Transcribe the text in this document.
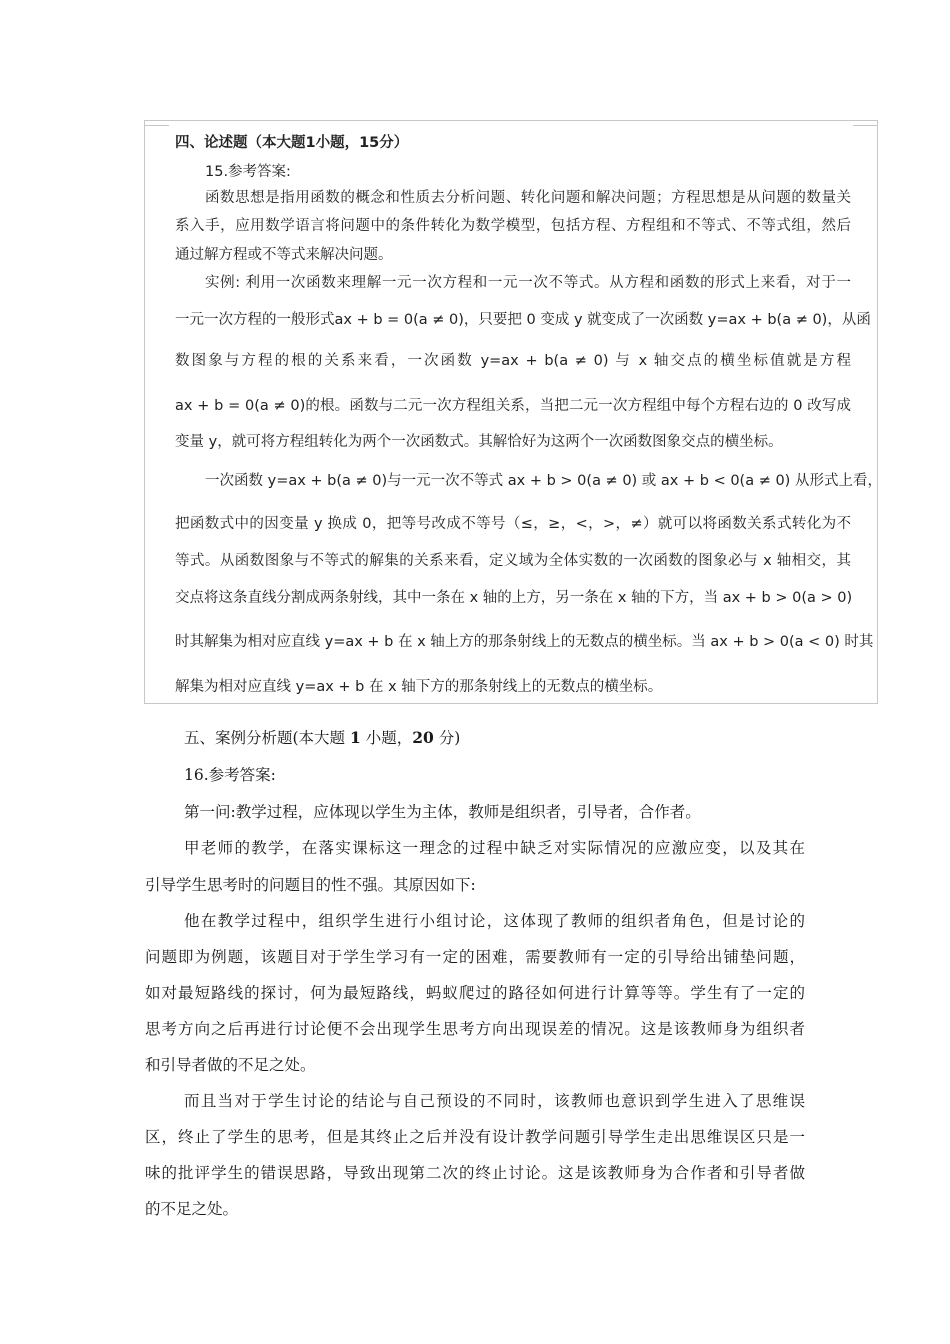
四、论述题（本大题1小题，15分）
15.参考答案:
函数思想是指用函数的概念和性质去分析问题、转化问题和解决问题；方程思想是从问题的数量关
系入手，应用数学语言将问题中的条件转化为数学模型，包括方程、方程组和不等式、不等式组，然后
通过解方程或不等式来解决问题。
实例: 利用一次函数来理解一元一次方程和一元一次不等式。从方程和函数的形式上来看，对于一
一元一次方程的一般形式ax + b = 0(a ≠ 0)，只要把 0 变成 y 就变成了一次函数 y=ax + b(a ≠ 0)，从函
数图象与方程的根的关系来看，一次函数 y=ax + b(a ≠ 0) 与 x 轴交点的横坐标值就是方程
ax + b = 0(a ≠ 0)的根。函数与二元一次方程组关系，当把二元一次方程组中每个方程右边的 0 改写成
变量 y，就可将方程组转化为两个一次函数式。其解恰好为这两个一次函数图象交点的横坐标。
一次函数 y=ax + b(a ≠ 0)与一元一次不等式 ax + b > 0(a ≠ 0) 或 ax + b < 0(a ≠ 0) 从形式上看，
把函数式中的因变量 y 换成 0，把等号改成不等号（≤，≥，<，>，≠）就可以将函数关系式转化为不
等式。从函数图象与不等式的解集的关系来看，定义域为全体实数的一次函数的图象必与 x 轴相交，其
交点将这条直线分割成两条射线，其中一条在 x 轴的上方，另一条在 x 轴的下方，当 ax + b > 0(a > 0)
时其解集为相对应直线 y=ax + b 在 x 轴上方的那条射线上的无数点的横坐标。当 ax + b > 0(a < 0) 时其
解集为相对应直线 y=ax + b 在 x 轴下方的那条射线上的无数点的横坐标。
五、案例分析题(本大题 1 小题，20 分)
16.参考答案:
第一问:教学过程，应体现以学生为主体，教师是组织者，引导者，合作者。
甲老师的教学，在落实课标这一理念的过程中缺乏对实际情况的应激应变，以及其在
引导学生思考时的问题目的性不强。其原因如下:
他在教学过程中，组织学生进行小组讨论，这体现了教师的组织者角色，但是讨论的
问题即为例题，该题目对于学生学习有一定的困难，需要教师有一定的引导给出铺垫问题，
如对最短路线的探讨，何为最短路线，蚂蚁爬过的路径如何进行计算等等。学生有了一定的
思考方向之后再进行讨论便不会出现学生思考方向出现误差的情况。这是该教师身为组织者
和引导者做的不足之处。
而且当对于学生讨论的结论与自己预设的不同时，该教师也意识到学生进入了思维误
区，终止了学生的思考，但是其终止之后并没有设计教学问题引导学生走出思维误区只是一
味的批评学生的错误思路，导致出现第二次的终止讨论。这是该教师身为合作者和引导者做
的不足之处。
